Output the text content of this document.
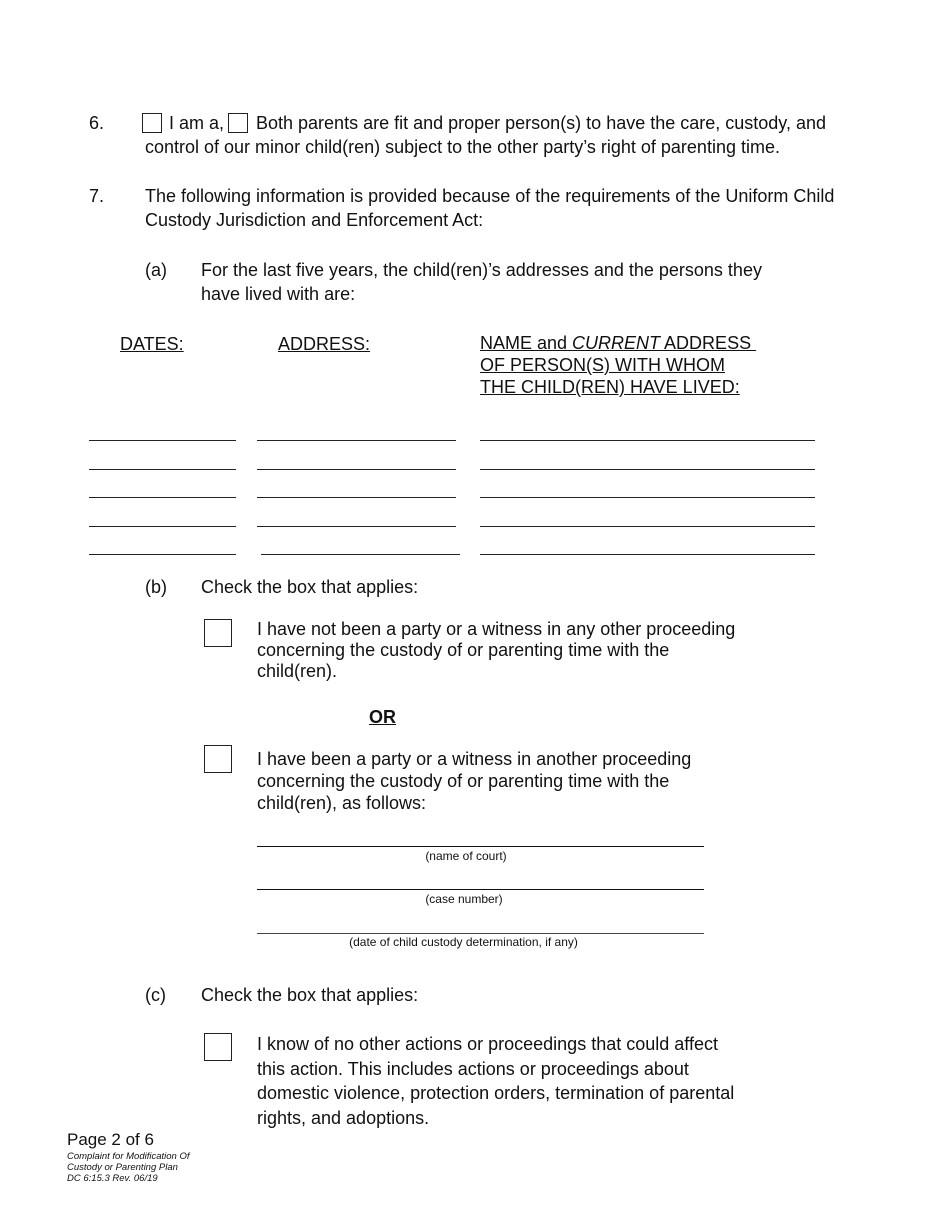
6.	I am a, Both parents are fit and proper person(s) to have the care, custody, and
control of our minor child(ren) subject to the other party’s right of parenting time.
7. The following information is provided because of the requirements of the Uniform Child
Custody Jurisdiction and Enforcement Act:
(a) For the last five years, the child(ren)’s addresses and the persons they
have lived with are:
DATES:	ADDRESS:	NAME and CURRENT ADDRESS
OF PERSON(S) WITH WHOM
THE CHILD(REN) HAVE LIVED:
(b) Check the box that applies:
I have not been a party or a witness in any other proceeding
concerning the custody of or parenting time with the
child(ren).
OR
I have been a party or a witness in another proceeding
concerning the custody of or parenting time with the
child(ren), as follows:
(name of court)
(case number)
(date of child custody determination, if any)
(c) Check the box that applies:
I know of no other actions or proceedings that could affect
this action. This includes actions or proceedings about
domestic violence, protection orders, termination of parental
rights, and adoptions.
Page 2 of 6
Complaint for Modification Of
Custody or Parenting Plan
DC 6:15.3 Rev. 06/19
